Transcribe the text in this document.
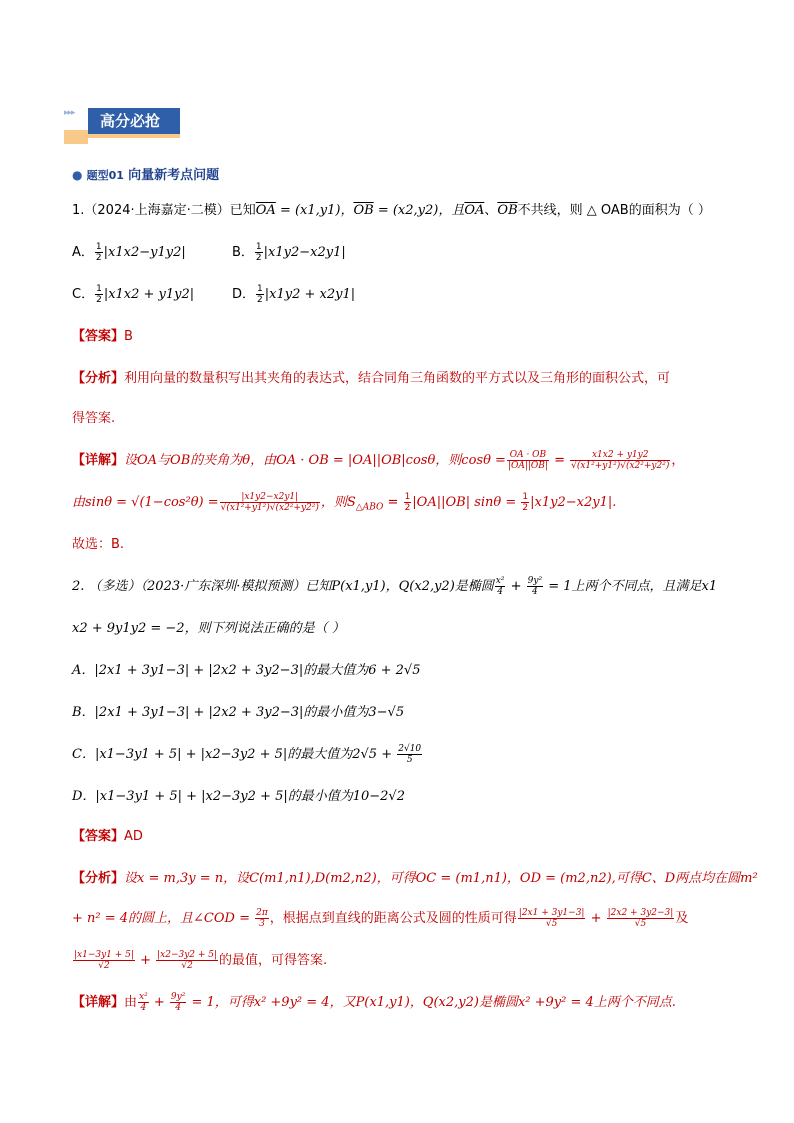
▸▸▸	高分必抢
● 题型01 向量新考点问题
1.（2024·上海嘉定·二模）已知$\overline{OA} = (x1,y1)$，$\overline{OB} = (x2,y2)$，且$\overline{OA}$、$\overline{OB}$不共线，则 △ OAB的面积为（ ）
A． $\frac{1}{2} |x1x2-y1y2|$	B． $\frac{1}{2} |x1y2-x2y1|$
C． $\frac{1}{2} |x1x2 + y1y2|$	D． $\frac{1}{2} |x1y2 + x2y1|$
【答案】B
【分析】利用向量的数量积写出其夹角的表达式，结合同角三角函数的平方式以及三角形的面积公式，可
得答案.
【详解】设OA与OB的夹角为θ，由OA · OB = |OA||OB|cosθ，则$\cos\theta = \frac{OA \cdot OB}{|OA||OB|} = \frac{x1x2 + y1y2}{\text{√(x1²+y1²)√(x2²+y2²)}}$ ，
由$\sin\theta = √(1-\cos^2\theta) = \frac{|x1y2-x2y1|}{\text{√(x1²+y1²)√(x2²+y2²)}}$ ，则$S_{\triangle ABO} = \frac{1}{2} |OA||OB|$ $\sin\theta = \frac{1}{2} |x1y2-x2y1|$.
故选：B.
2. （多选）（2023·广东深圳·模拟预测）已知P(x1,y1)，Q(x2,y2)是椭圆 $\frac{\text{x²}}{4} + \frac{\text{9y²}}{4} = 1$上两个不同点，且满足x1
x2 + 9y1y2 = −2，则下列说法正确的是（ ）
A．|2x1 + 3y1−3| + |2x2 + 3y2−3|的最大值为6 + 2√5
B．|2x1 + 3y1−3| + |2x2 + 3y2−3|的最小值为3−√5
C．|x1−3y1 + 5| + |x2−3y2 + 5|的最大值为$2√5 + \frac{2√10}{5}$
D．|x1−3y1 + 5| + |x2−3y2 + 5|的最小值为10−2√2
【答案】AD
【分析】设x = m,3y = n，设C(m1,n1),D(m2,n2)，可得OC = (m1,n1)，OD = (m2,n2),可得C、D两点均在圆m²
+ n² = 4的圆上，且∠COD = $\frac{2\pi}{3}$ ，根据点到直线的距离公式及圆的性质可得 $\frac{|2x1 + 3y1-3|}{√5} + \frac{|2x2 + 3y2-3|}{√5}$ 及
$\frac{|x1-3y1 + 5|}{√2} + \frac{|x2-3y2 + 5|}{√2}$ 的最值，可得答案.
【详解】由 $\frac{\text{x²}}{4} + \frac{\text{9y²}}{4} = 1$，可得x² +9y² = 4，又P(x1,y1)，Q(x2,y2)是椭圆x² +9y² = 4上两个不同点.
